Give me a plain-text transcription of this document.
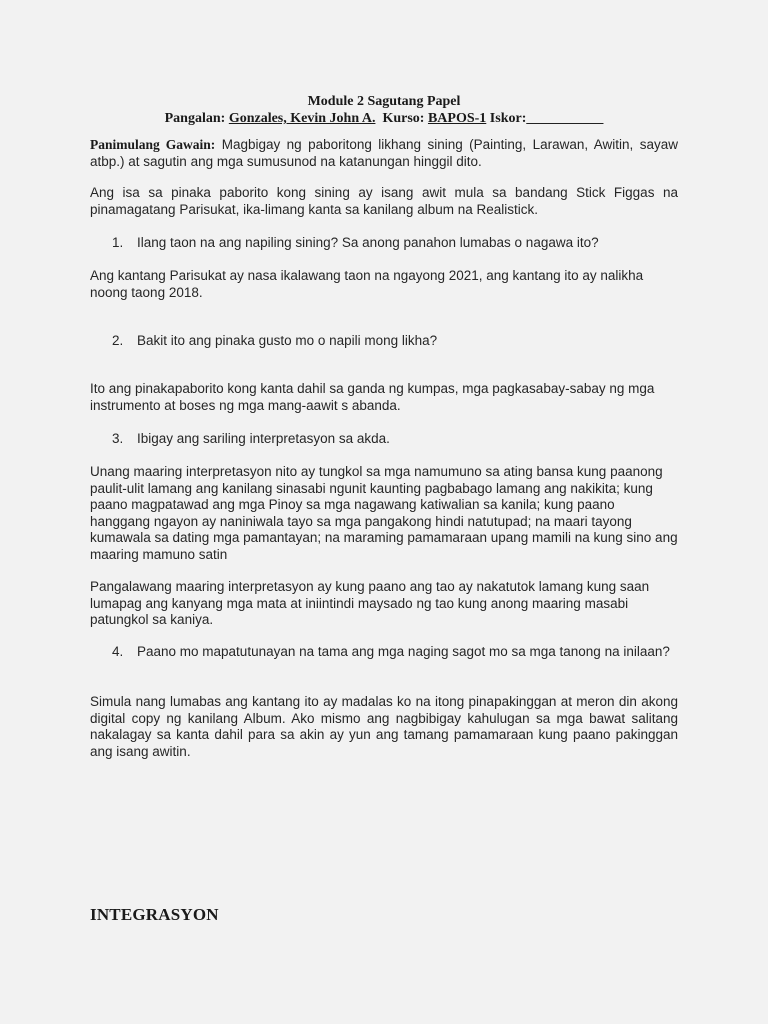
Module 2 Sagutang Papel
Pangalan: Gonzales, Kevin John A. Kurso: BAPOS-1 Iskor:___________

Panimulang Gawain: Magbigay ng paboritong likhang sining (Painting, Larawan, Awitin, sayaw atbp.) at sagutin ang mga sumusunod na katanungan hinggil dito.

Ang isa sa pinaka paborito kong sining ay isang awit mula sa bandang Stick Figgas na pinamagatang Parisukat, ika-limang kanta sa kanilang album na Realistick.

1. Ilang taon na ang napiling sining? Sa anong panahon lumabas o nagawa ito?

Ang kantang Parisukat ay nasa ikalawang taon na ngayong 2021, ang kantang ito ay nalikha noong taong 2018.

2. Bakit ito ang pinaka gusto mo o napili mong likha?

Ito ang pinakapaborito kong kanta dahil sa ganda ng kumpas, mga pagkasabay-sabay ng mga instrumento at boses ng mga mang-aawit s abanda.

3. Ibigay ang sariling interpretasyon sa akda.

Unang maaring interpretasyon nito ay tungkol sa mga namumuno sa ating bansa kung paanong paulit-ulit lamang ang kanilang sinasabi ngunit kaunting pagbabago lamang ang nakikita; kung paano magpatawad ang mga Pinoy sa mga nagawang katiwalian sa kanila; kung paano hanggang ngayon ay naniniwala tayo sa mga pangakong hindi natutupad; na maari tayong kumawala sa dating mga pamantayan; na maraming pamamaraan upang mamili na kung sino ang maaring mamuno satin

Pangalawang maaring interpretasyon ay kung paano ang tao ay nakatutok lamang kung saan lumapag ang kanyang mga mata at iniintindi maysado ng tao kung anong maaring masabi patungkol sa kaniya.

4. Paano mo mapatutunayan na tama ang mga naging sagot mo sa mga tanong na inilaan?

Simula nang lumabas ang kantang ito ay madalas ko na itong pinapakinggan at meron din akong digital copy ng kanilang Album. Ako mismo ang nagbibigay kahulugan sa mga bawat salitang nakalagay sa kanta dahil para sa akin ay yun ang tamang pamamaraan kung paano pakinggan ang isang awitin.

INTEGRASYON
